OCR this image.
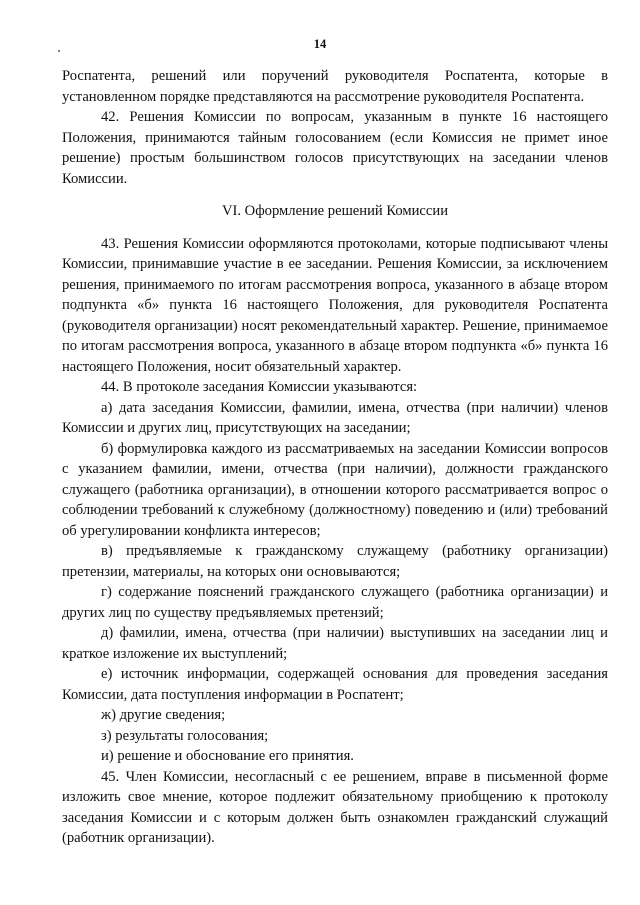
14

Роспатента, решений или поручений руководителя Роспатента, которые в установленном порядке представляются на рассмотрение руководителя Роспатента.

42. Решения Комиссии по вопросам, указанным в пункте 16 настоящего Положения, принимаются тайным голосованием (если Комиссия не примет иное решение) простым большинством голосов присутствующих на заседании членов Комиссии.

VI. Оформление решений Комиссии

43. Решения Комиссии оформляются протоколами, которые подписывают члены Комиссии, принимавшие участие в ее заседании. Решения Комиссии, за исключением решения, принимаемого по итогам рассмотрения вопроса, указанного в абзаце втором подпункта «б» пункта 16 настоящего Положения, для руководителя Роспатента (руководителя организации) носят рекомендательный характер. Решение, принимаемое по итогам рассмотрения вопроса, указанного в абзаце втором подпункта «б» пункта 16 настоящего Положения, носит обязательный характер.

44. В протоколе заседания Комиссии указываются:

а) дата заседания Комиссии, фамилии, имена, отчества (при наличии) членов Комиссии и других лиц, присутствующих на заседании;

б) формулировка каждого из рассматриваемых на заседании Комиссии вопросов с указанием фамилии, имени, отчества (при наличии), должности гражданского служащего (работника организации), в отношении которого рассматривается вопрос о соблюдении требований к служебному (должностному) поведению и (или) требований об урегулировании конфликта интересов;

в) предъявляемые к гражданскому служащему (работнику организации) претензии, материалы, на которых они основываются;

г) содержание пояснений гражданского служащего (работника организации) и других лиц по существу предъявляемых претензий;

д) фамилии, имена, отчества (при наличии) выступивших на заседании лиц и краткое изложение их выступлений;

е) источник информации, содержащей основания для проведения заседания Комиссии, дата поступления информации в Роспатент;

ж) другие сведения;

з) результаты голосования;

и) решение и обоснование его принятия.

45. Член Комиссии, несогласный с ее решением, вправе в письменной форме изложить свое мнение, которое подлежит обязательному приобщению к протоколу заседания Комиссии и с которым должен быть ознакомлен гражданский служащий (работник организации).
